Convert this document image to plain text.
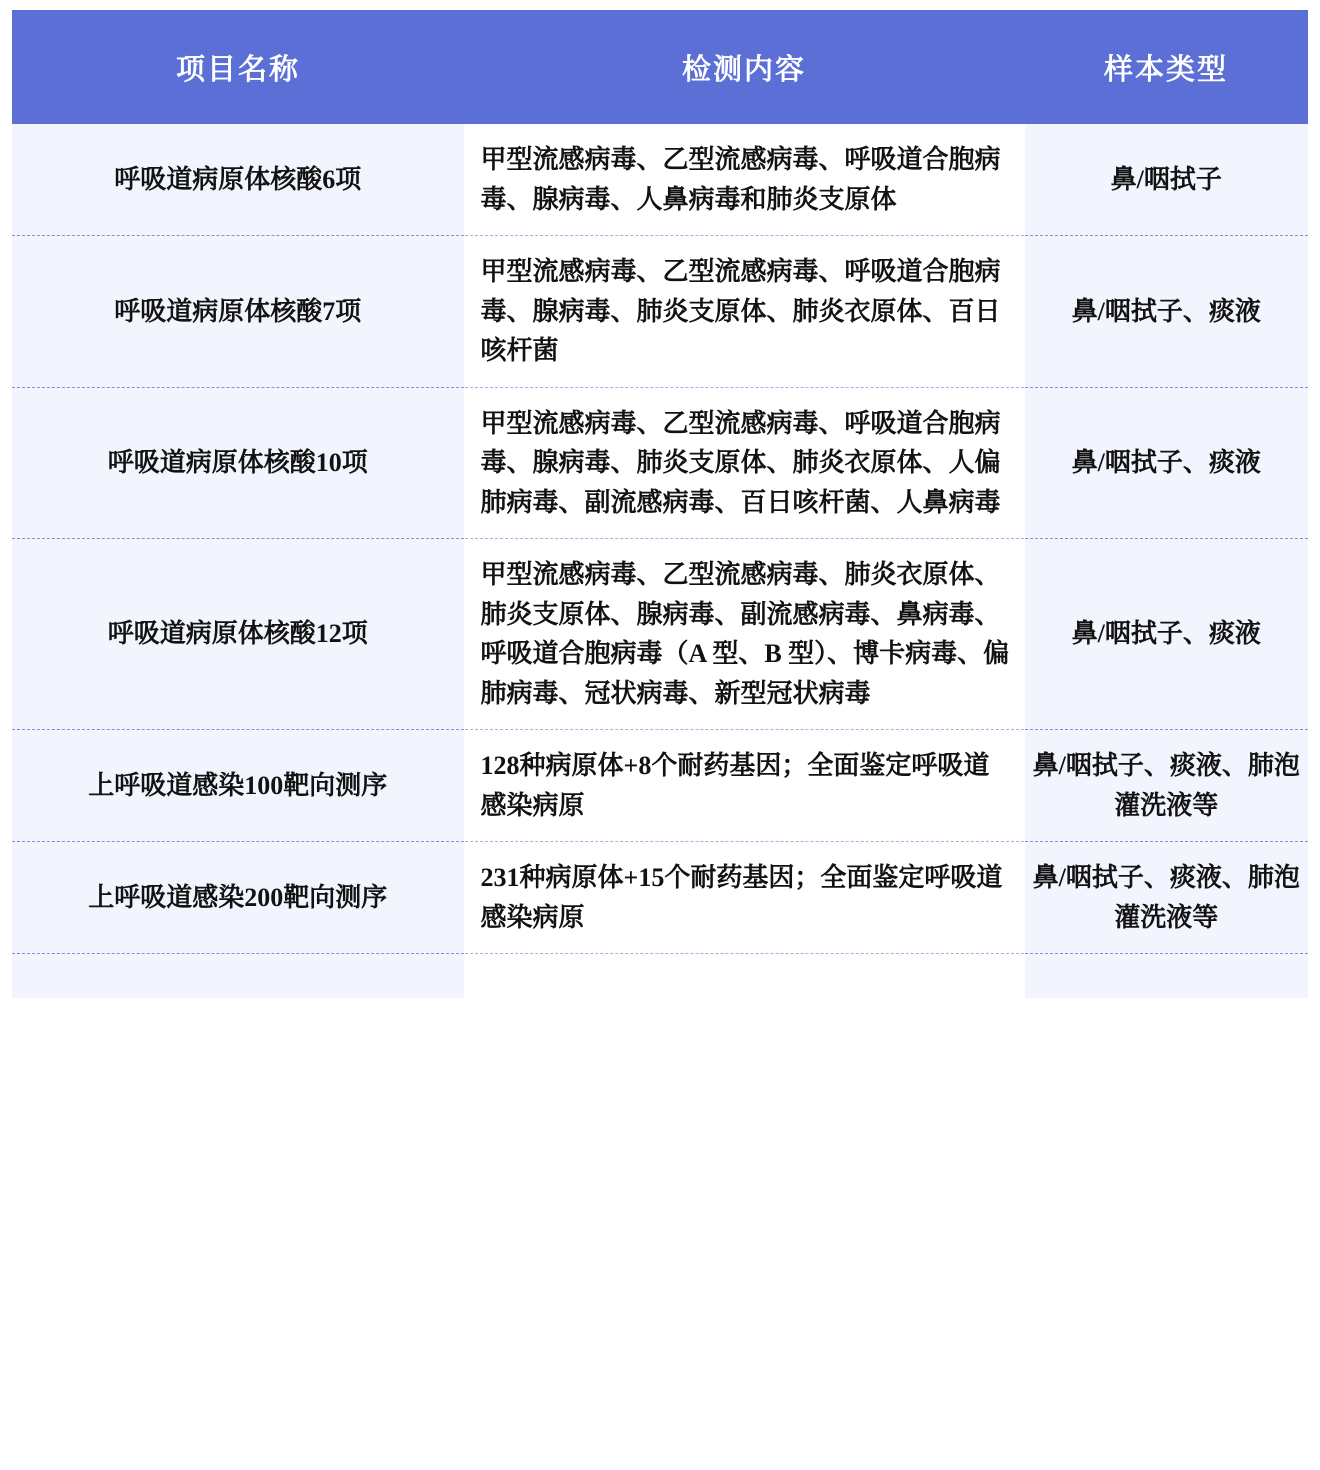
项目名称	检测内容	样本类型
呼吸道病原体核酸6项	甲型流感病毒、乙型流感病毒、呼吸道合胞病毒、腺病毒、人鼻病毒和肺炎支原体	鼻/咽拭子
呼吸道病原体核酸7项	甲型流感病毒、乙型流感病毒、呼吸道合胞病毒、腺病毒、肺炎支原体、肺炎衣原体、百日咳杆菌	鼻/咽拭子、痰液
呼吸道病原体核酸10项	甲型流感病毒、乙型流感病毒、呼吸道合胞病毒、腺病毒、肺炎支原体、肺炎衣原体、人偏肺病毒、副流感病毒、百日咳杆菌、人鼻病毒	鼻/咽拭子、痰液
呼吸道病原体核酸12项	甲型流感病毒、乙型流感病毒、肺炎衣原体、肺炎支原体、腺病毒、副流感病毒、鼻病毒、呼吸道合胞病毒（A 型、B 型）、博卡病毒、偏肺病毒、冠状病毒、新型冠状病毒	鼻/咽拭子、痰液
上呼吸道感染100靶向测序	128种病原体+8个耐药基因；全面鉴定呼吸道感染病原	鼻/咽拭子、痰液、肺泡灌洗液等
上呼吸道感染200靶向测序	231种病原体+15个耐药基因；全面鉴定呼吸道感染病原	鼻/咽拭子、痰液、肺泡灌洗液等
